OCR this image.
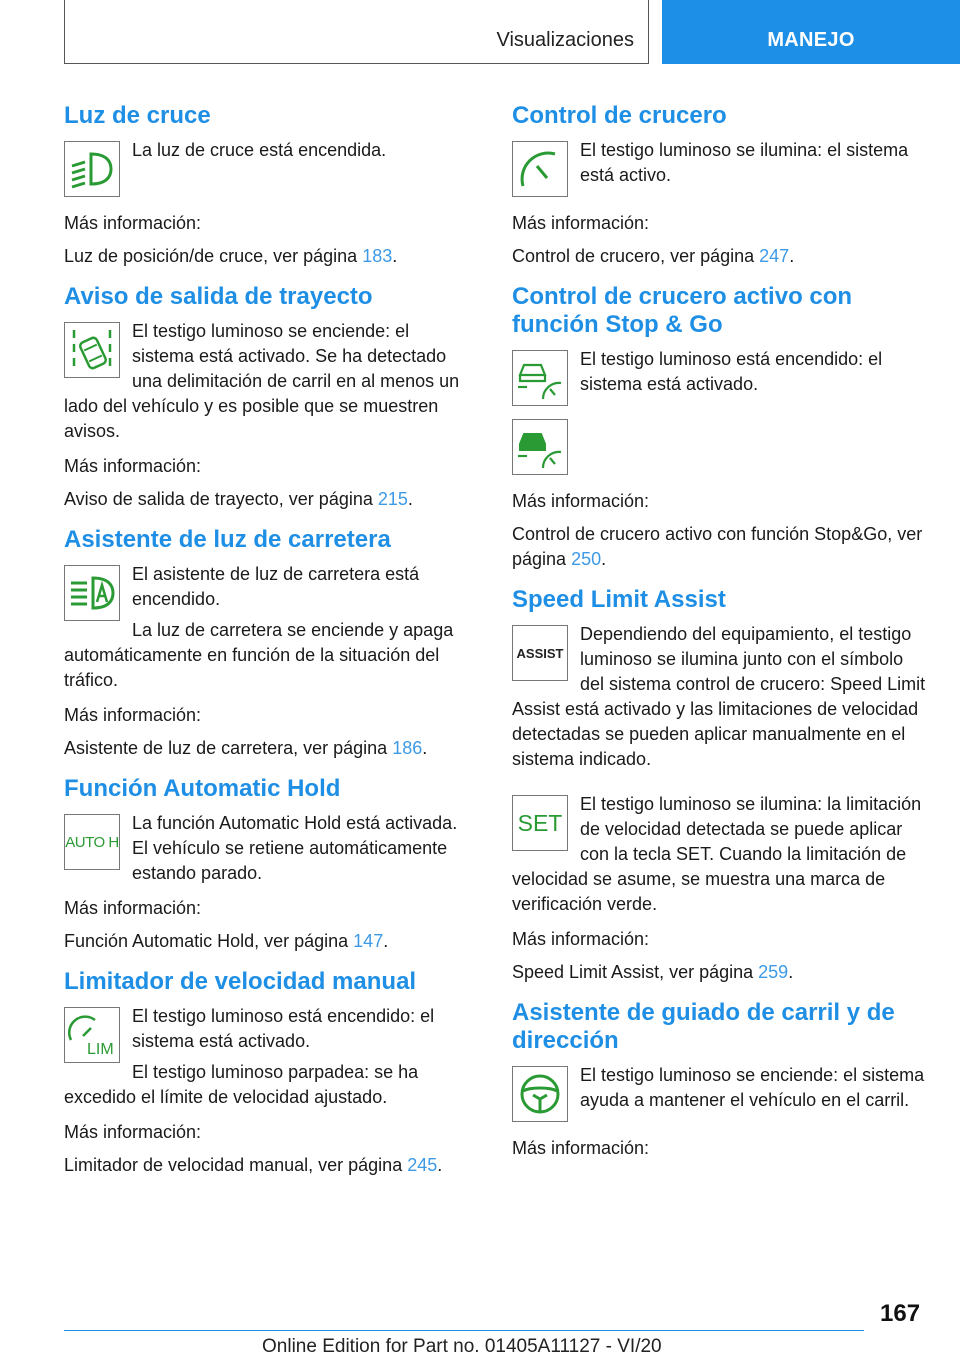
Visualizaciones	MANEJO
Luz de cruce
La luz de cruce está encendida.
Más información:
Luz de posición/de cruce, ver página 183.
Aviso de salida de trayecto
El testigo luminoso se enciende: el sistema está activado. Se ha detectado una delimitación de carril en al menos un lado del vehículo y es posible que se muestren avisos.
Más información:
Aviso de salida de trayecto, ver página 215.
Asistente de luz de carretera
El asistente de luz de carretera está encendido.
La luz de carretera se enciende y apaga automáticamente en función de la situación del tráfico.
Más información:
Asistente de luz de carretera, ver página 186.
Función Automatic Hold
AUTO H
La función Automatic Hold está activada. El vehículo se retiene automáticamente estando parado.
Más información:
Función Automatic Hold, ver página 147.
Limitador de velocidad manual
LIM
El testigo luminoso está encendido: el sistema está activado.
El testigo luminoso parpadea: se ha excedido el límite de velocidad ajustado.
Más información:
Limitador de velocidad manual, ver página 245.
Control de crucero
El testigo luminoso se ilumina: el sistema está activo.
Más información:
Control de crucero, ver página 247.
Control de crucero activo con función Stop & Go
El testigo luminoso está encendido: el sistema está activado.
Más información:
Control de crucero activo con función Stop&Go, ver página 250.
Speed Limit Assist
ASSIST
Dependiendo del equipamiento, el testigo luminoso se ilumina junto con el símbolo del sistema control de crucero: Speed Limit Assist está activado y las limitaciones de velocidad detectadas se pueden aplicar manualmente en el sistema indicado.
SET
El testigo luminoso se ilumina: la limitación de velocidad detectada se puede aplicar con la tecla SET. Cuando la limitación de velocidad se asume, se muestra una marca de verificación verde.
Más información:
Speed Limit Assist, ver página 259.
Asistente de guiado de carril y de dirección
El testigo luminoso se enciende: el sistema ayuda a mantener el vehículo en el carril.
Más información:
167
Online Edition for Part no. 01405A11127 - VI/20
